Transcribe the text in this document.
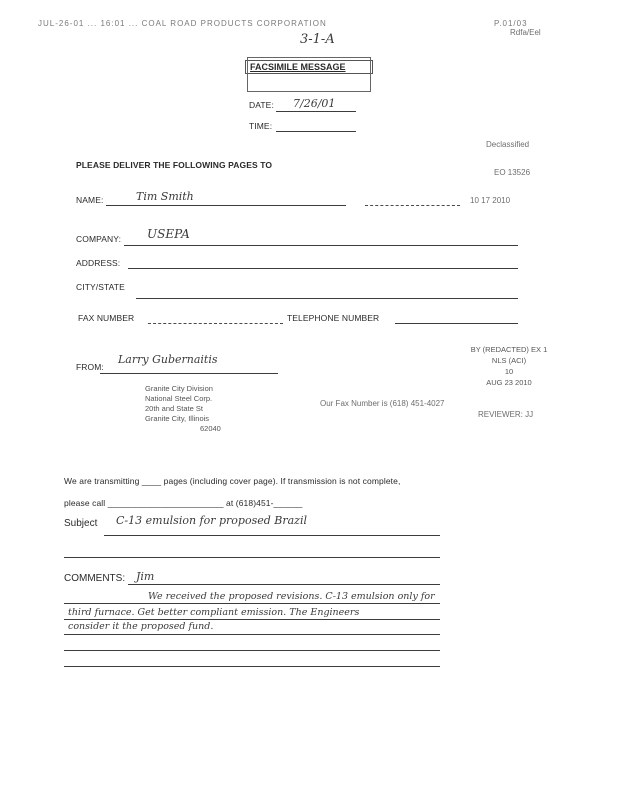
JUL-26-01 ... 16:01 ... COAL ROAD PRODUCTS CORPORATION	P.01/03
Rdfa/Eel
3-1-A
FACSIMILE MESSAGE
DATE: 7/26/01
TIME:
Declassified
EO 13526
10 17 2010
PLEASE DELIVER THE FOLLOWING PAGES TO
NAME:	Tim Smith
COMPANY: USEPA
ADDRESS:
CITY/STATE
FAX NUMBER	TELEPHONE NUMBER
BY (REDACTED) EX 1
NLS (ACI)
10
AUG 23 2010
REVIEWER: JJ
FROM:
Larry Gubernaitis
Granite City Division
National Steel Corp.
20th and State St
Granite City, Illinois
62040
Our Fax Number is (618) 451-4027
We are transmitting ____ pages (including cover page). If transmission is not complete,
please call ________________________ at (618)451-______
Subject C-13 emulsion for proposed Brazil
COMMENTS: Jim
We received the proposed revisions. C-13 emulsion only for
third furnace. Get better compliant emission. The Engineers
consider it the proposed fund.
